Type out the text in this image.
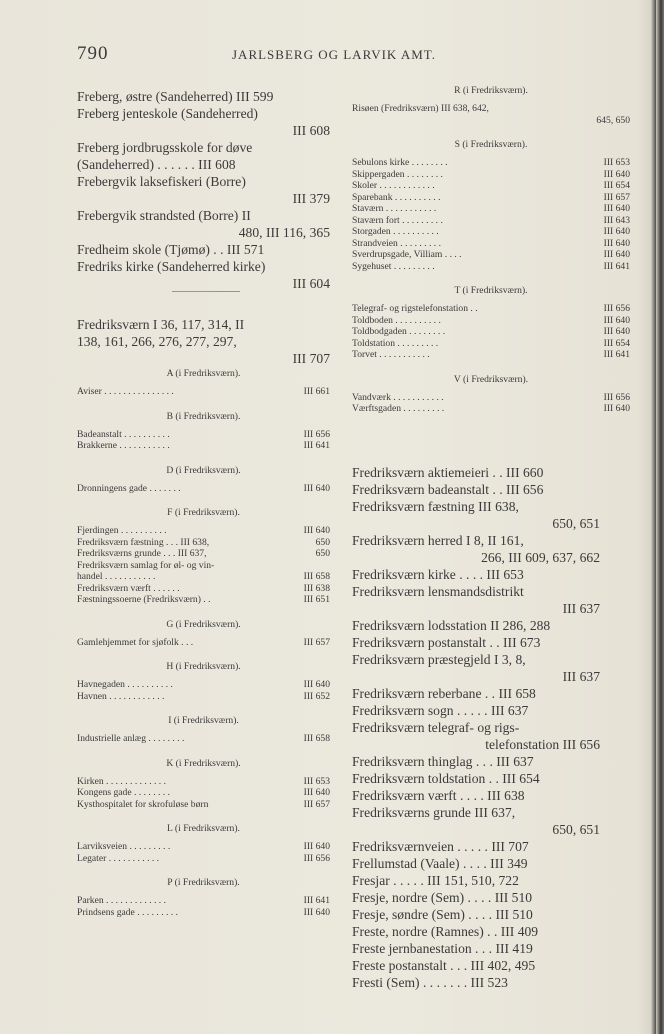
790	JARLSBERG OG LARVIK AMT.
Freberg, østre (Sandeherred) III 599
Freberg jenteskole (Sandeherred)
III 608
Freberg jordbrugsskole for døve
(Sandeherred) . . . . . . III 608
Frebergvik laksefiskeri (Borre)
III 379
Frebergvik strandsted (Borre) II
480, III 116, 365
Fredheim skole (Tjømø) . . III 571
Fredriks kirke (Sandeherred kirke)
III 604
Fredriksværn I 36, 117, 314, II
138, 161, 266, 276, 277, 297,
III 707
A (i Fredriksværn).
Aviser . . . . . . . . . . . . . . .	III 661
B (i Fredriksværn).
Badeanstalt . . . . . . . . . .	III 656
Brakkerne . . . . . . . . . . .	III 641
D (i Fredriksværn).
Dronningens gade . . . . . . .	III 640
F (i Fredriksværn).
Fjerdingen . . . . . . . . . .	III 640
Fredriksværn fæstning . . . III 638,	650
Fredriksværns grunde . . . III 637,	650
Fredriksværn samlag for øl- og vin-
handel . . . . . . . . . . .	III 658
Fredriksværn værft . . . . . .	III 638
Fæstningssoerne (Fredriksværn) . .	III 651
G (i Fredriksværn).
Gamlehjemmet for sjøfolk . . .	III 657
H (i Fredriksværn).
Havnegaden . . . . . . . . . .	III 640
Havnen . . . . . . . . . . . .	III 652
I (i Fredriksværn).
Industrielle anlæg . . . . . . . .	III 658
K (i Fredriksværn).
Kirken . . . . . . . . . . . . .	III 653
Kongens gade . . . . . . . .	III 640
Kysthospitalet for skrofuløse børn	III 657
L (i Fredriksværn).
Larviksveien . . . . . . . . .	III 640
Legater . . . . . . . . . . .	III 656
P (i Fredriksværn).
Parken . . . . . . . . . . . . .	III 641
Prindsens gade . . . . . . . . .	III 640
R (i Fredriksværn).
Risøen (Fredriksværn) III 638, 642,
645, 650
S (i Fredriksværn).
Sebulons kirke . . . . . . . .	III 653
Skippergaden . . . . . . . .	III 640
Skoler . . . . . . . . . . . .	III 654
Sparebank . . . . . . . . . .	III 657
Staværn . . . . . . . . . . .	III 640
Staværn fort . . . . . . . . .	III 643
Storgaden . . . . . . . . . .	III 640
Strandveien . . . . . . . . .	III 640
Sverdrupsgade, Villiam . . . .	III 640
Sygehuset . . . . . . . . .	III 641
T (i Fredriksværn).
Telegraf- og rigstelefonstation . .	III 656
Toldboden . . . . . . . . . .	III 640
Toldbodgaden . . . . . . . .	III 640
Toldstation . . . . . . . . .	III 654
Torvet . . . . . . . . . . .	III 641
V (i Fredriksværn).
Vandværk . . . . . . . . . . .	III 656
Værftsgaden . . . . . . . . .	III 640
Fredriksværn aktiemeieri . . III 660
Fredriksværn badeanstalt . . III 656
Fredriksværn fæstning III 638,
650, 651
Fredriksværn herred I 8, II 161,
266, III 609, 637, 662
Fredriksværn kirke . . . . III 653
Fredriksværn lensmandsdistrikt
III 637
Fredriksværn lodsstation II 286, 288
Fredriksværn postanstalt . . III 673
Fredriksværn præstegjeld I 3, 8,
III 637
Fredriksværn reberbane . . III 658
Fredriksværn sogn . . . . . III 637
Fredriksværn telegraf- og rigs-
telefonstation III 656
Fredriksværn thinglag . . . III 637
Fredriksværn toldstation . . III 654
Fredriksværn værft . . . . III 638
Fredriksværns grunde III 637,
650, 651
Fredriksværnveien . . . . . III 707
Frellumstad (Vaale) . . . . III 349
Fresjar . . . . . III 151, 510, 722
Fresje, nordre (Sem) . . . . III 510
Fresje, søndre (Sem) . . . . III 510
Freste, nordre (Ramnes) . . III 409
Freste jernbanestation . . . III 419
Freste postanstalt . . . III 402, 495
Fresti (Sem) . . . . . . . III 523
